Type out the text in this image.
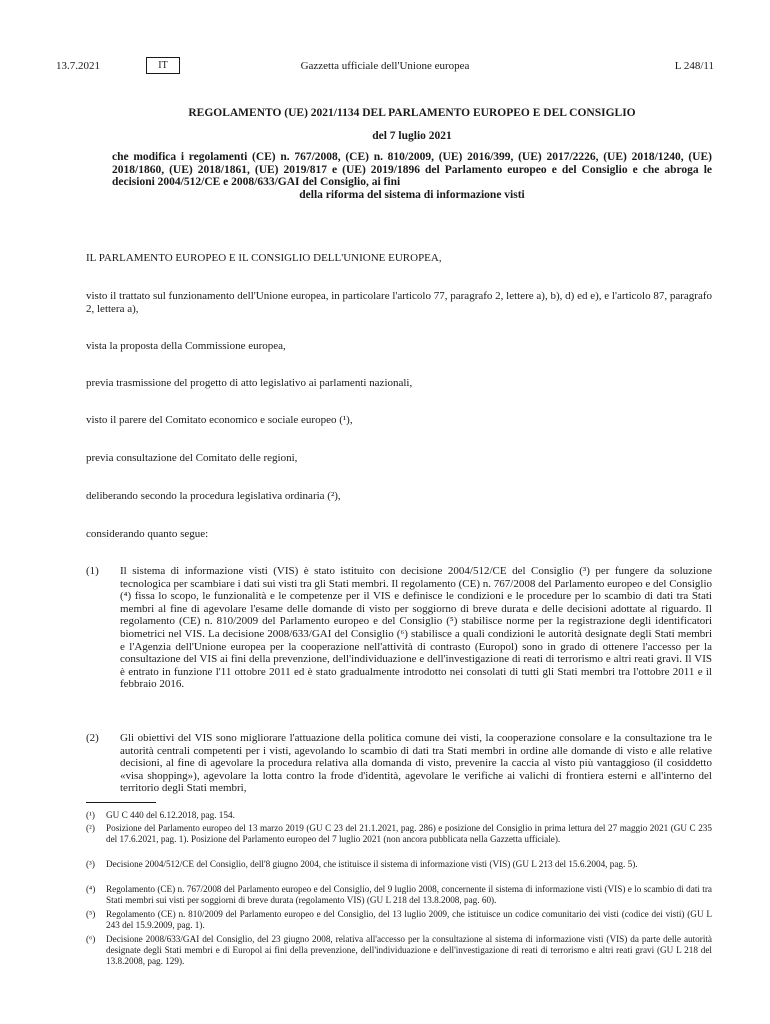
13.7.2021	IT	Gazzetta ufficiale dell'Unione europea	L 248/11
REGOLAMENTO (UE) 2021/1134 DEL PARLAMENTO EUROPEO E DEL CONSIGLIO
del 7 luglio 2021
che modifica i regolamenti (CE) n. 767/2008, (CE) n. 810/2009, (UE) 2016/399, (UE) 2017/2226, (UE) 2018/1240, (UE) 2018/1860, (UE) 2018/1861, (UE) 2019/817 e (UE) 2019/1896 del Parlamento europeo e del Consiglio e che abroga le decisioni 2004/512/CE e 2008/633/GAI del Consiglio, ai fini
della riforma del sistema di informazione visti
IL PARLAMENTO EUROPEO E IL CONSIGLIO DELL'UNIONE EUROPEA,
visto il trattato sul funzionamento dell'Unione europea, in particolare l'articolo 77, paragrafo 2, lettere a), b), d) ed e), e l'articolo 87, paragrafo 2, lettera a),
vista la proposta della Commissione europea,
previa trasmissione del progetto di atto legislativo ai parlamenti nazionali,
visto il parere del Comitato economico e sociale europeo (¹),
previa consultazione del Comitato delle regioni,
deliberando secondo la procedura legislativa ordinaria (²),
considerando quanto segue:
(1) Il sistema di informazione visti (VIS) è stato istituito con decisione 2004/512/CE del Consiglio (³) per fungere da soluzione tecnologica per scambiare i dati sui visti tra gli Stati membri. Il regolamento (CE) n. 767/2008 del Parlamento europeo e del Consiglio (⁴) fissa lo scopo, le funzionalità e le competenze per il VIS e definisce le condizioni e le procedure per lo scambio di dati tra Stati membri al fine di agevolare l'esame delle domande di visto per soggiorno di breve durata e delle decisioni adottate al riguardo. Il regolamento (CE) n. 810/2009 del Parlamento europeo e del Consiglio (⁵) stabilisce norme per la registrazione degli identificatori biometrici nel VIS. La decisione 2008/633/GAI del Consiglio (⁶) stabilisce a quali condizioni le autorità designate degli Stati membri e l'Agenzia dell'Unione europea per la cooperazione nell'attività di contrasto (Europol) sono in grado di ottenere l'accesso per la consultazione del VIS ai fini della prevenzione, dell'individuazione e dell'investigazione di reati di terrorismo e altri reati gravi. Il VIS è entrato in funzione l'11 ottobre 2011 ed è stato gradualmente introdotto nei consolati di tutti gli Stati membri tra l'ottobre 2011 e il febbraio 2016.
(2) Gli obiettivi del VIS sono migliorare l'attuazione della politica comune dei visti, la cooperazione consolare e la consultazione tra le autorità centrali competenti per i visti, agevolando lo scambio di dati tra Stati membri in ordine alle domande di visto e alle relative decisioni, al fine di agevolare la procedura relativa alla domanda di visto, prevenire la caccia al visto più vantaggioso (il cosiddetto «visa shopping»), agevolare la lotta contro la frode d'identità, agevolare le verifiche ai valichi di frontiera esterni e all'interno del territorio degli Stati membri,
(¹) GU C 440 del 6.12.2018, pag. 154.
(²) Posizione del Parlamento europeo del 13 marzo 2019 (GU C 23 del 21.1.2021, pag. 286) e posizione del Consiglio in prima lettura del 27 maggio 2021 (GU C 235 del 17.6.2021, pag. 1). Posizione del Parlamento europeo del 7 luglio 2021 (non ancora pubblicata nella Gazzetta ufficiale).
(³) Decisione 2004/512/CE del Consiglio, dell'8 giugno 2004, che istituisce il sistema di informazione visti (VIS) (GU L 213 del 15.6.2004, pag. 5).
(⁴) Regolamento (CE) n. 767/2008 del Parlamento europeo e del Consiglio, del 9 luglio 2008, concernente il sistema di informazione visti (VIS) e lo scambio di dati tra Stati membri sui visti per soggiorni di breve durata (regolamento VIS) (GU L 218 del 13.8.2008, pag. 60).
(⁵) Regolamento (CE) n. 810/2009 del Parlamento europeo e del Consiglio, del 13 luglio 2009, che istituisce un codice comunitario dei visti (codice dei visti) (GU L 243 del 15.9.2009, pag. 1).
(⁶) Decisione 2008/633/GAI del Consiglio, del 23 giugno 2008, relativa all'accesso per la consultazione al sistema di informazione visti (VIS) da parte delle autorità designate degli Stati membri e di Europol ai fini della prevenzione, dell'individuazione e dell'investigazione di reati di terrorismo e altri reati gravi (GU L 218 del 13.8.2008, pag. 129).
